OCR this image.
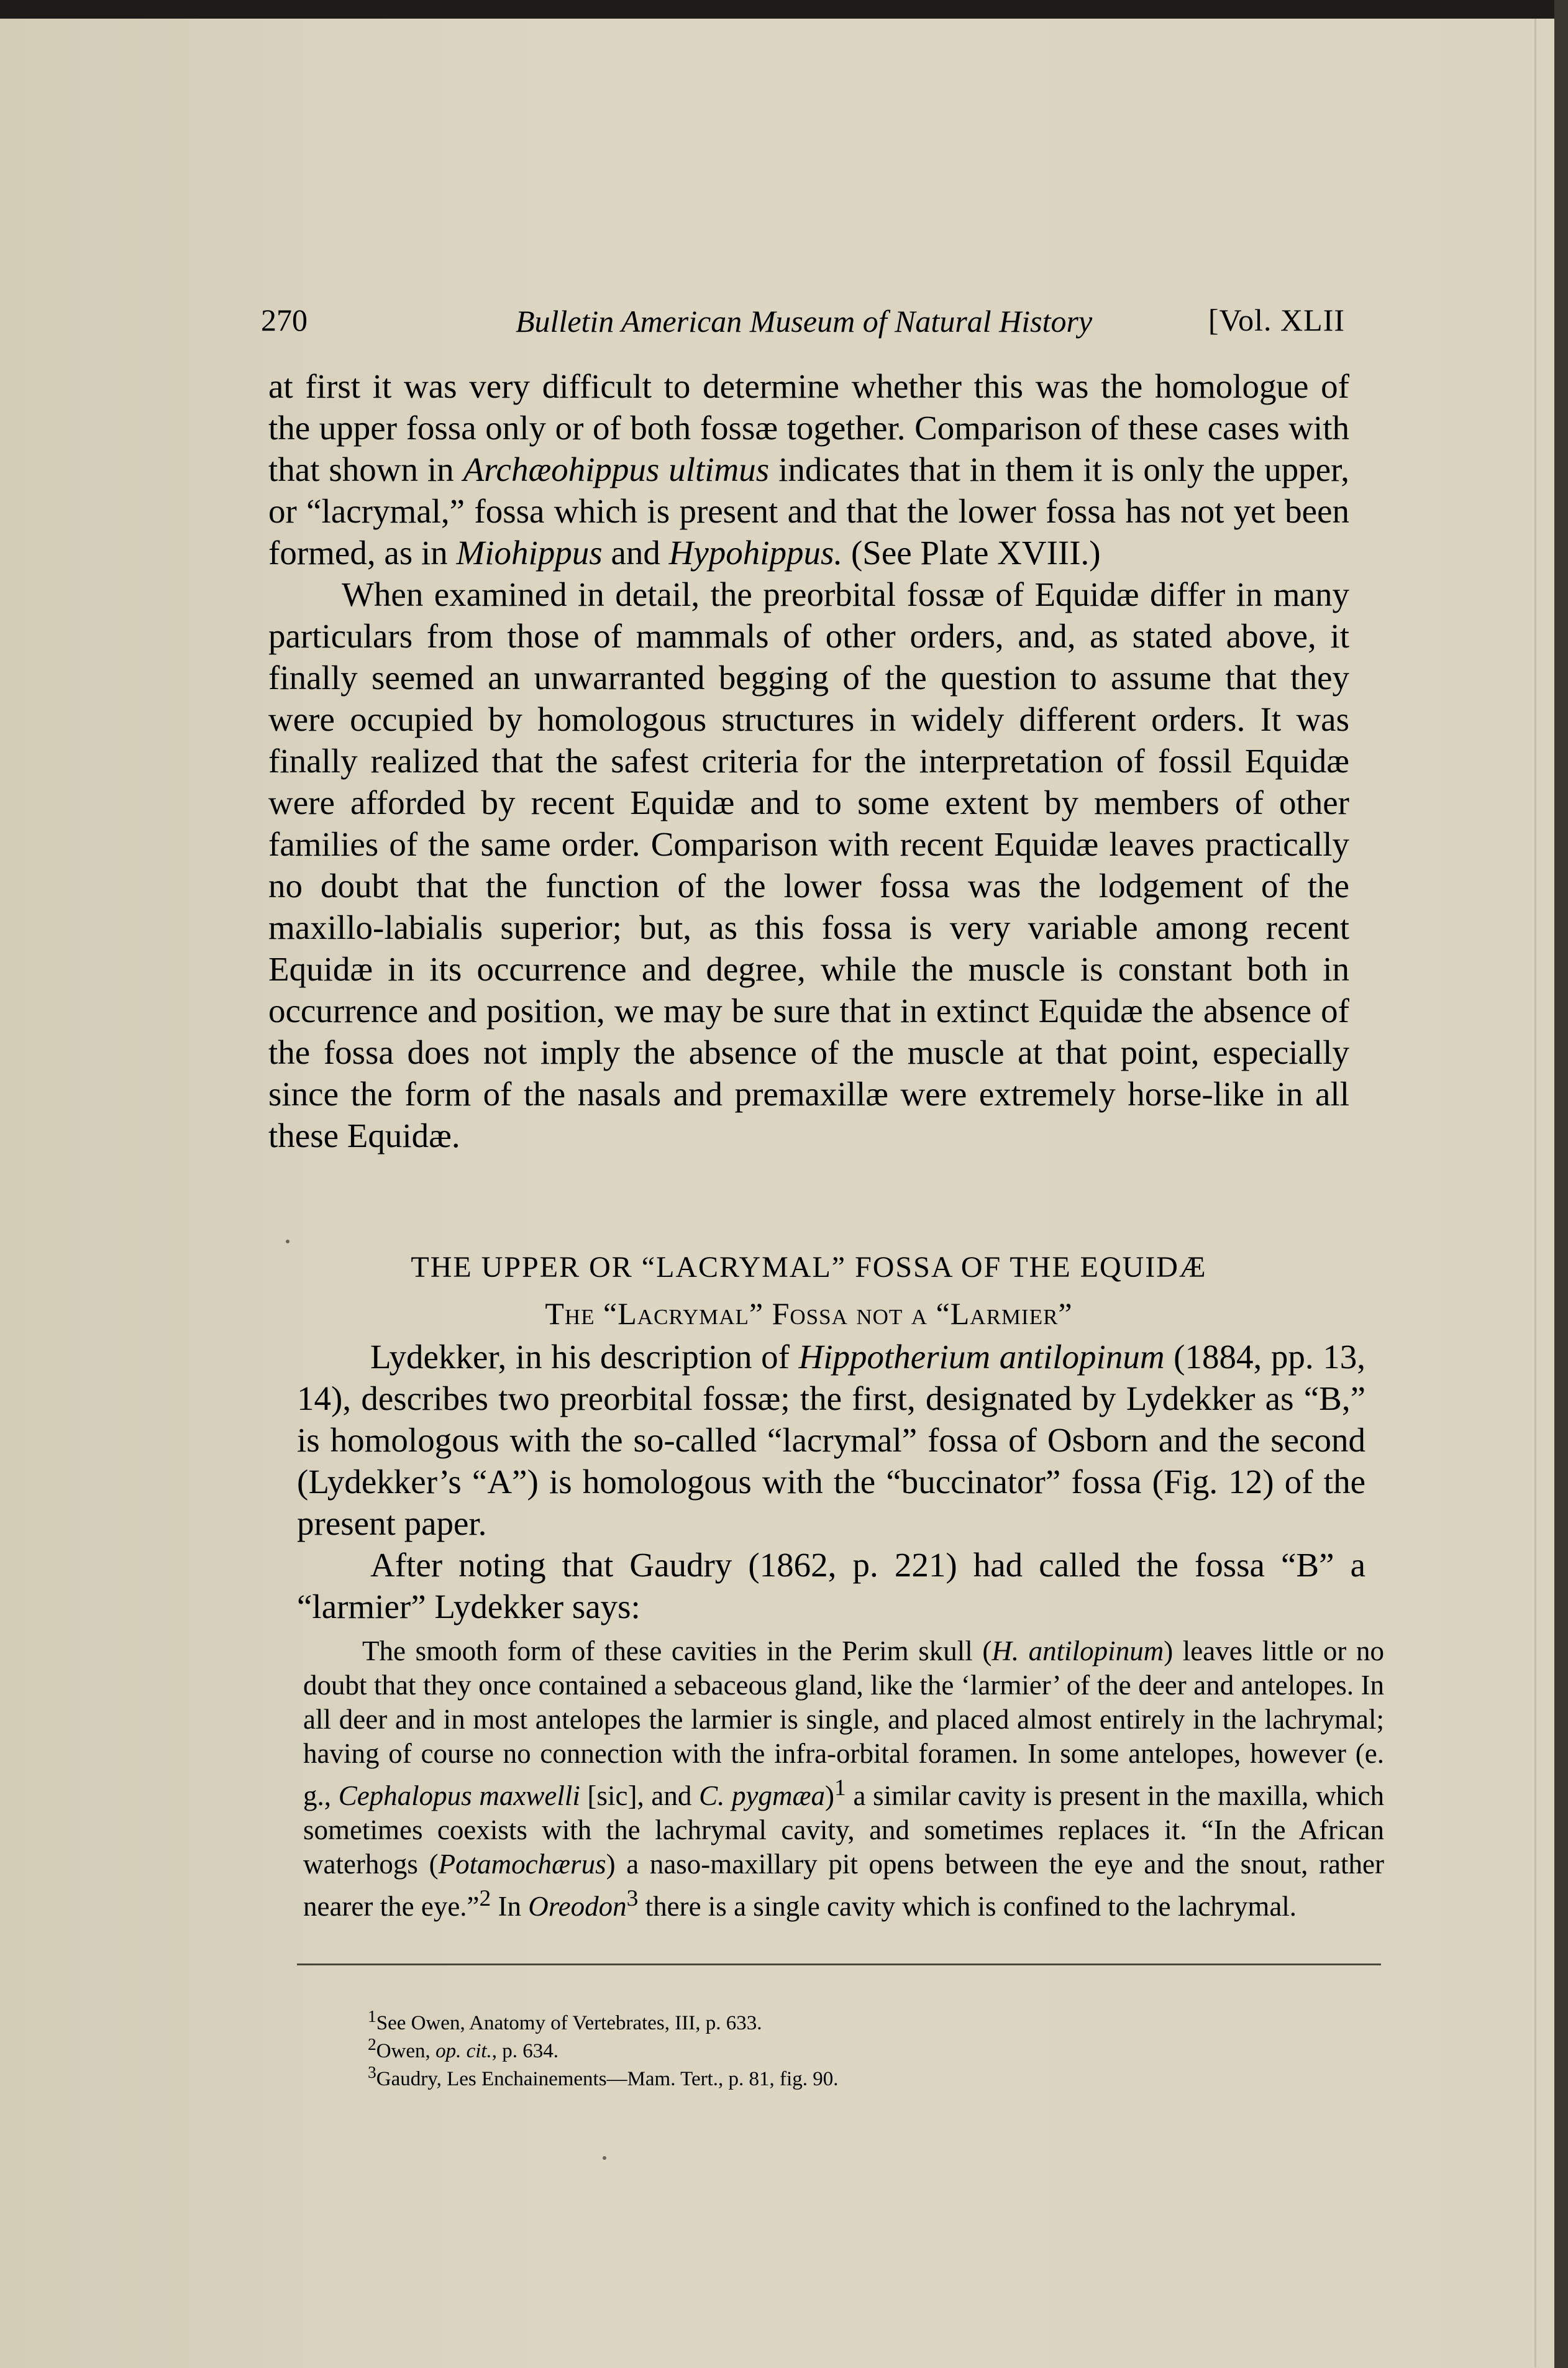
270	Bulletin American Museum of Natural History	[Vol. XLII

at first it was very difficult to determine whether this was the homologue of the upper fossa only or of both fossæ together. Comparison of these cases with that shown in Archæohippus ultimus indicates that in them it is only the upper, or “lacrymal,” fossa which is present and that the lower fossa has not yet been formed, as in Miohippus and Hypohippus. (See Plate XVIII.)

When examined in detail, the preorbital fossæ of Equidæ differ in many particulars from those of mammals of other orders, and, as stated above, it finally seemed an unwarranted begging of the question to assume that they were occupied by homologous structures in widely different orders. It was finally realized that the safest criteria for the interpretation of fossil Equidæ were afforded by recent Equidæ and to some extent by members of other families of the same order. Comparison with recent Equidæ leaves practically no doubt that the function of the lower fossa was the lodgement of the maxillo-labialis superior; but, as this fossa is very variable among recent Equidæ in its occurrence and degree, while the muscle is constant both in occurrence and position, we may be sure that in extinct Equidæ the absence of the fossa does not imply the absence of the muscle at that point, especially since the form of the nasals and premaxillæ were extremely horse-like in all these Equidæ.

THE UPPER OR “LACRYMAL” FOSSA OF THE EQUIDÆ
The “Lacrymal” Fossa not a “Larmier”

Lydekker, in his description of Hippotherium antilopinum (1884, pp. 13, 14), describes two preorbital fossæ; the first, designated by Lydekker as “B,” is homologous with the so-called “lacrymal” fossa of Osborn and the second (Lydekker’s “A”) is homologous with the “buccinator” fossa (Fig. 12) of the present paper.

After noting that Gaudry (1862, p. 221) had called the fossa “B” a “larmier” Lydekker says:

The smooth form of these cavities in the Perim skull (H. antilopinum) leaves little or no doubt that they once contained a sebaceous gland, like the ‘larmier’ of the deer and antelopes. In all deer and in most antelopes the larmier is single, and placed almost entirely in the lachrymal; having of course no connection with the infra-orbital foramen. In some antelopes, however (e. g., Cephalopus maxwelli [sic], and C. pygmæa)$^1$ a similar cavity is present in the maxilla, which sometimes coexists with the lachrymal cavity, and sometimes replaces it. “In the African waterhogs (Potamochærus) a naso-maxillary pit opens between the eye and the snout, rather nearer the eye.”$^2$ In Oreodon$^3$ there is a single cavity which is confined to the lachrymal.

$^1$See Owen, Anatomy of Vertebrates, III, p. 633.
$^2$Owen, op. cit., p. 634.
$^3$Gaudry, Les Enchainements—Mam. Tert., p. 81, fig. 90.
